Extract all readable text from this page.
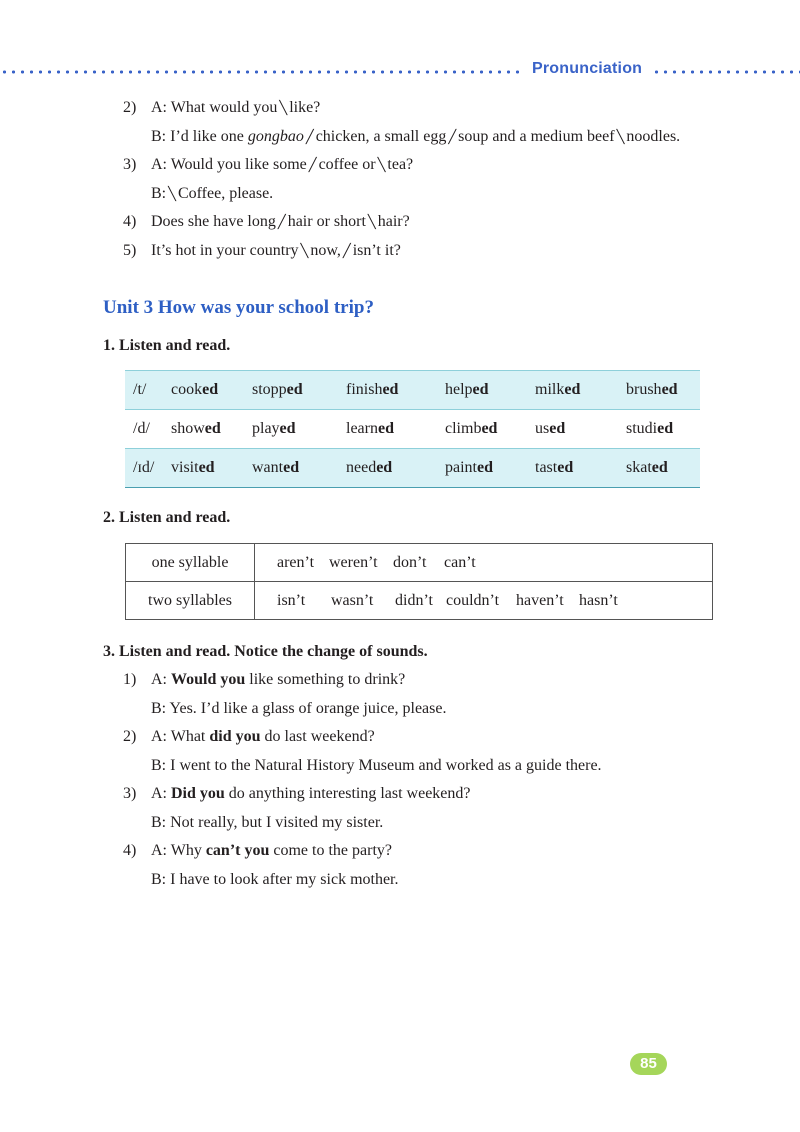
Pronunciation
2) A: What would you ╲ like?
B: I’d like one gongbao ╱ chicken, a small egg ╱ soup and a medium beef ╲ noodles.
3) A: Would you like some ╱ coffee or ╲ tea?
B: ╲ Coffee, please.
4) Does she have long ╱ hair or short ╲ hair?
5) It’s hot in your country ╲ now, ╱ isn’t it?
Unit 3 How was your school trip?
1. Listen and read.
/t/	cooked	stopped	finished	helped	milked	brushed
/d/	showed	played	learned	climbed	used	studied
/ɪd/	visited	wanted	needed	painted	tasted	skated
2. Listen and read.
one syllable	aren’t weren’t don’t can’t
two syllables	isn’t wasn’t didn’t couldn’t haven’t hasn’t
3. Listen and read. Notice the change of sounds.
1) A: Would you like something to drink?
B: Yes. I’d like a glass of orange juice, please.
2) A: What did you do last weekend?
B: I went to the Natural History Museum and worked as a guide there.
3) A: Did you do anything interesting last weekend?
B: Not really, but I visited my sister.
4) A: Why can’t you come to the party?
B: I have to look after my sick mother.
85
